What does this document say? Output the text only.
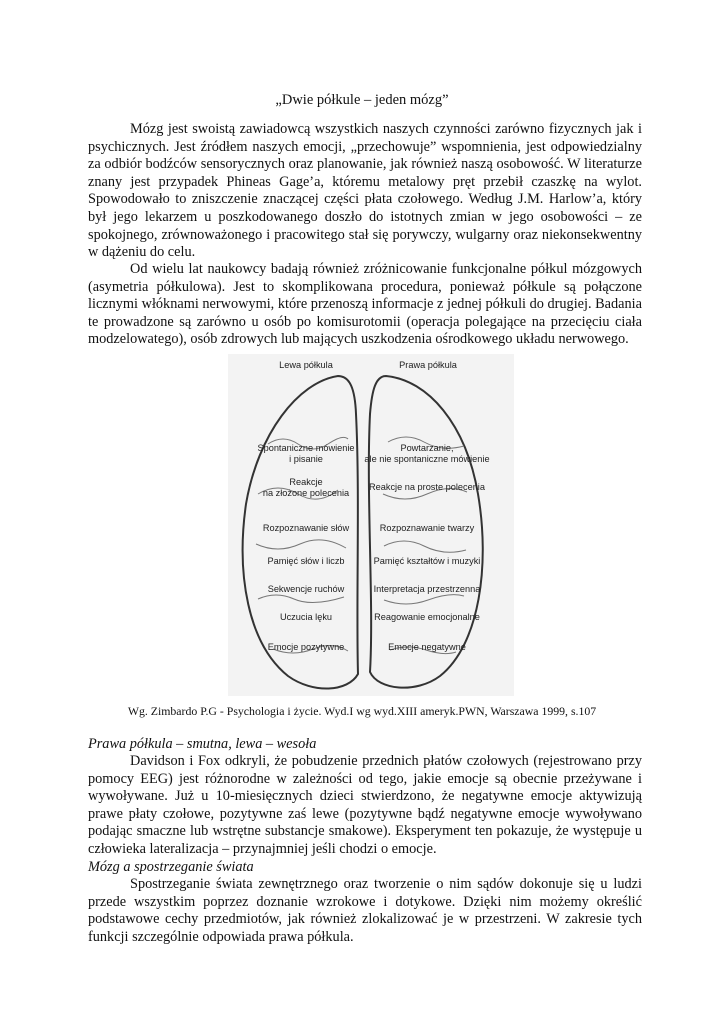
„Dwie półkule – jeden mózg”

Mózg jest swoistą zawiadowcą wszystkich naszych czynności zarówno fizycznych jak i psychicznych. Jest źródłem naszych emocji, „przechowuje” wspomnienia, jest odpowiedzialny za odbiór bodźców sensorycznych oraz planowanie, jak również naszą osobowość. W literaturze znany jest przypadek Phineas Gage’a, któremu metalowy pręt przebił czaszkę na wylot. Spowodowało to zniszczenie znaczącej części płata czołowego. Według J.M. Harlow’a, który był jego lekarzem u poszkodowanego doszło do istotnych zmian w jego osobowości – ze spokojnego, zrównoważonego i pracowitego stał się porywczy, wulgarny oraz niekonsekwentny w dążeniu do celu.

Od wielu lat naukowcy badają również zróżnicowanie funkcjonalne półkul mózgowych (asymetria półkulowa). Jest to skomplikowana procedura, ponieważ półkule są połączone licznymi włóknami nerwowymi, które przenoszą informacje z jednej półkuli do drugiej. Badania te prowadzone są zarówno u osób po komisurotomii (operacja polegające na przecięciu ciała modzelowatego), osób zdrowych lub mających uszkodzenia ośrodkowego układu nerwowego.

Lewa półkula	Prawa półkula
Spontaniczne mówienie
i pisanie
Reakcje
na złożone polecenia
Rozpoznawanie słów
Pamięć słów i liczb
Sekwencje ruchów
Uczucia lęku
Emocje pozytywne
Powtarzanie,
ale nie spontaniczne mówienie
Reakcje na proste polecenia
Rozpoznawanie twarzy
Pamięć kształtów i muzyki
Interpretacja przestrzenna
Reagowanie emocjonalne
Emocje negatywne
Wg. Zimbardo P.G - Psychologia i życie. Wyd.I wg wyd.XIII ameryk.PWN, Warszawa 1999, s.107
Prawa półkula – smutna, lewa – wesoła

Davidson i Fox odkryli, że pobudzenie przednich płatów czołowych (rejestrowano przy pomocy EEG) jest różnorodne w zależności od tego, jakie emocje są obecnie przeżywane i wywoływane. Już u 10-miesięcznych dzieci stwierdzono, że negatywne emocje aktywizują prawe płaty czołowe, pozytywne zaś lewe (pozytywne bądź negatywne emocje wywoływano podając smaczne lub wstrętne substancje smakowe). Eksperyment ten pokazuje, że występuje u człowieka lateralizacja – przynajmniej jeśli chodzi o emocje.

Mózg a spostrzeganie świata

Spostrzeganie świata zewnętrznego oraz tworzenie o nim sądów dokonuje się u ludzi przede wszystkim poprzez doznanie wzrokowe i dotykowe. Dzięki nim możemy określić podstawowe cechy przedmiotów, jak również zlokalizować je w przestrzeni. W zakresie tych funkcji szczególnie odpowiada prawa półkula.
